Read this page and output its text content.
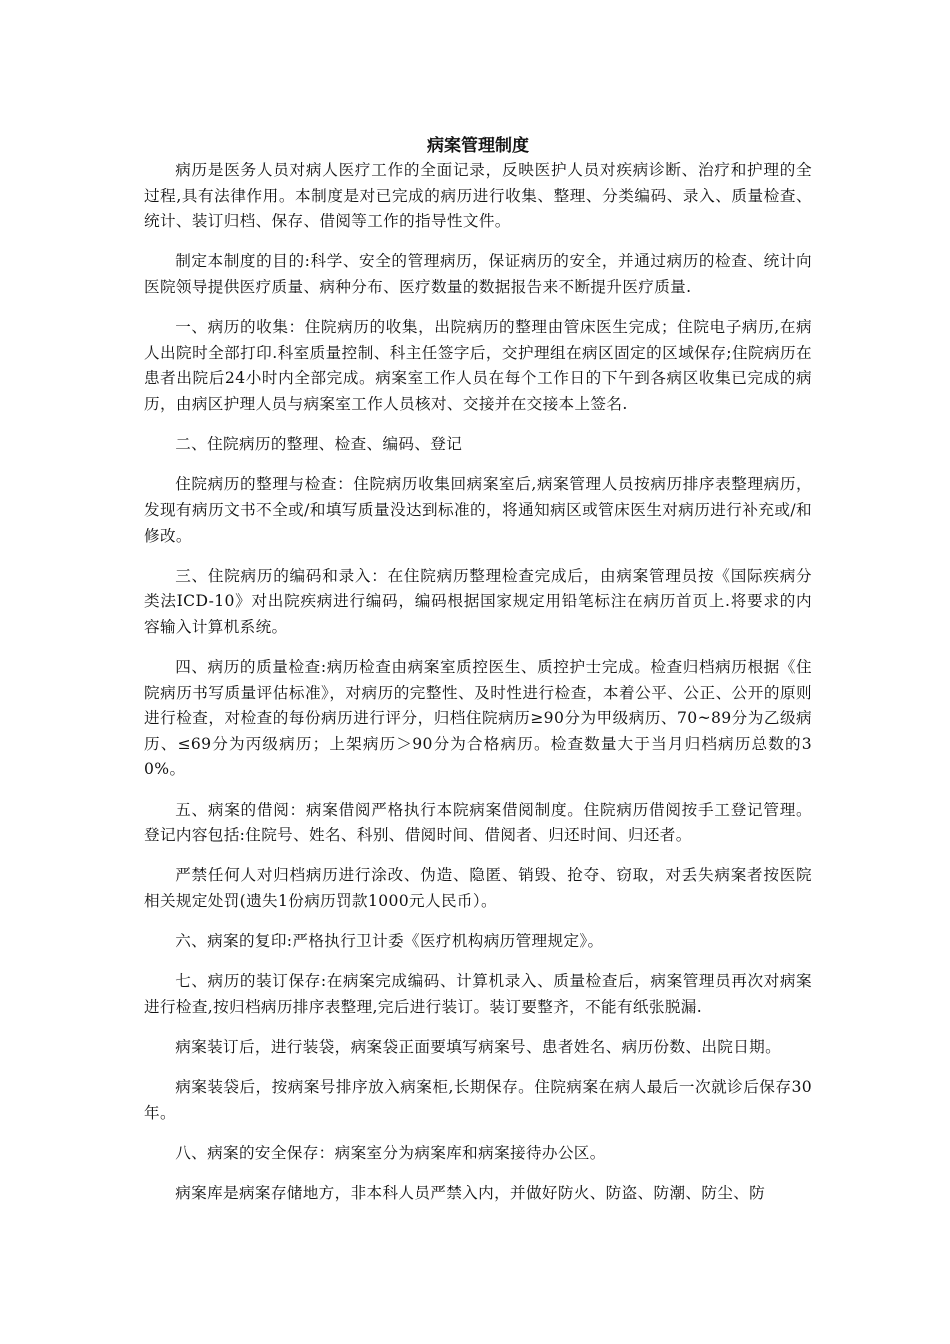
病案管理制度

病历是医务人员对病人医疗工作的全面记录，反映医护人员对疾病诊断、治疗和护理的全过程,具有法律作用。本制度是对已完成的病历进行收集、整理、分类编码、录入、质量检查、统计、装订归档、保存、借阅等工作的指导性文件。

制定本制度的目的:科学、安全的管理病历，保证病历的安全，并通过病历的检查、统计向医院领导提供医疗质量、病种分布、医疗数量的数据报告来不断提升医疗质量.

一、病历的收集：住院病历的收集，出院病历的整理由管床医生完成；住院电子病历,在病人出院时全部打印.科室质量控制、科主任签字后，交护理组在病区固定的区域保存;住院病历在患者出院后24小时内全部完成。病案室工作人员在每个工作日的下午到各病区收集已完成的病历，由病区护理人员与病案室工作人员核对、交接并在交接本上签名.

二、住院病历的整理、检查、编码、登记

住院病历的整理与检查：住院病历收集回病案室后,病案管理人员按病历排序表整理病历，发现有病历文书不全或/和填写质量没达到标准的，将通知病区或管床医生对病历进行补充或/和修改。

三、住院病历的编码和录入：在住院病历整理检查完成后，由病案管理员按《国际疾病分类法ICD-10》对出院疾病进行编码，编码根据国家规定用铅笔标注在病历首页上.将要求的内容输入计算机系统。

四、病历的质量检查:病历检查由病案室质控医生、质控护士完成。检查归档病历根据《住院病历书写质量评估标准》，对病历的完整性、及时性进行检查，本着公平、公正、公开的原则进行检查，对检查的每份病历进行评分，归档住院病历≥90分为甲级病历、70~89分为乙级病历、≤69分为丙级病历；上架病历＞90分为合格病历。检查数量大于当月归档病历总数的30%。

五、病案的借阅：病案借阅严格执行本院病案借阅制度。住院病历借阅按手工登记管理。登记内容包括:住院号、姓名、科别、借阅时间、借阅者、归还时间、归还者。

严禁任何人对归档病历进行涂改、伪造、隐匿、销毁、抢夺、窃取，对丢失病案者按医院相关规定处罚(遗失1份病历罚款1000元人民币）。

六、病案的复印:严格执行卫计委《医疗机构病历管理规定》。

七、病历的装订保存:在病案完成编码、计算机录入、质量检查后，病案管理员再次对病案进行检查,按归档病历排序表整理,完后进行装订。装订要整齐，不能有纸张脱漏.

病案装订后，进行装袋，病案袋正面要填写病案号、患者姓名、病历份数、出院日期。

病案装袋后，按病案号排序放入病案柜,长期保存。住院病案在病人最后一次就诊后保存30年。

八、病案的安全保存：病案室分为病案库和病案接待办公区。

病案库是病案存储地方，非本科人员严禁入内，并做好防火、防盗、防潮、防尘、防
